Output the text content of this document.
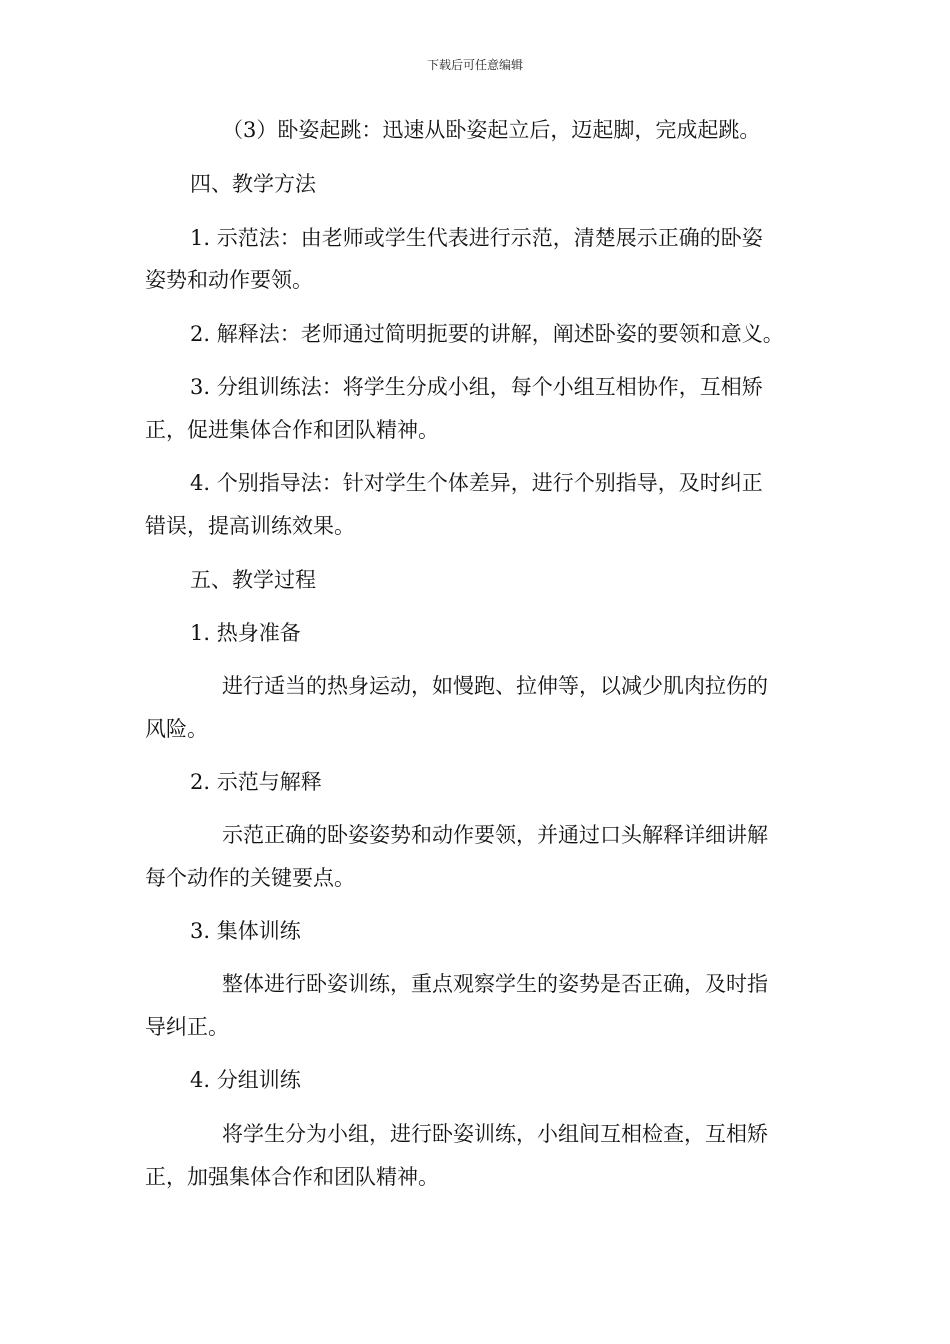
下载后可任意编辑
（3）卧姿起跳：迅速从卧姿起立后，迈起脚，完成起跳。
四、教学方法
1. 示范法：由老师或学生代表进行示范，清楚展示正确的卧姿
姿势和动作要领。
2. 解释法：老师通过简明扼要的讲解，阐述卧姿的要领和意义。
3. 分组训练法：将学生分成小组，每个小组互相协作，互相矫
正，促进集体合作和团队精神。
4. 个别指导法：针对学生个体差异，进行个别指导，及时纠正
错误，提高训练效果。
五、教学过程
1. 热身准备
进行适当的热身运动，如慢跑、拉伸等，以减少肌肉拉伤的
风险。
2. 示范与解释
示范正确的卧姿姿势和动作要领，并通过口头解释详细讲解
每个动作的关键要点。
3. 集体训练
整体进行卧姿训练，重点观察学生的姿势是否正确，及时指
导纠正。
4. 分组训练
将学生分为小组，进行卧姿训练，小组间互相检查，互相矫
正，加强集体合作和团队精神。
